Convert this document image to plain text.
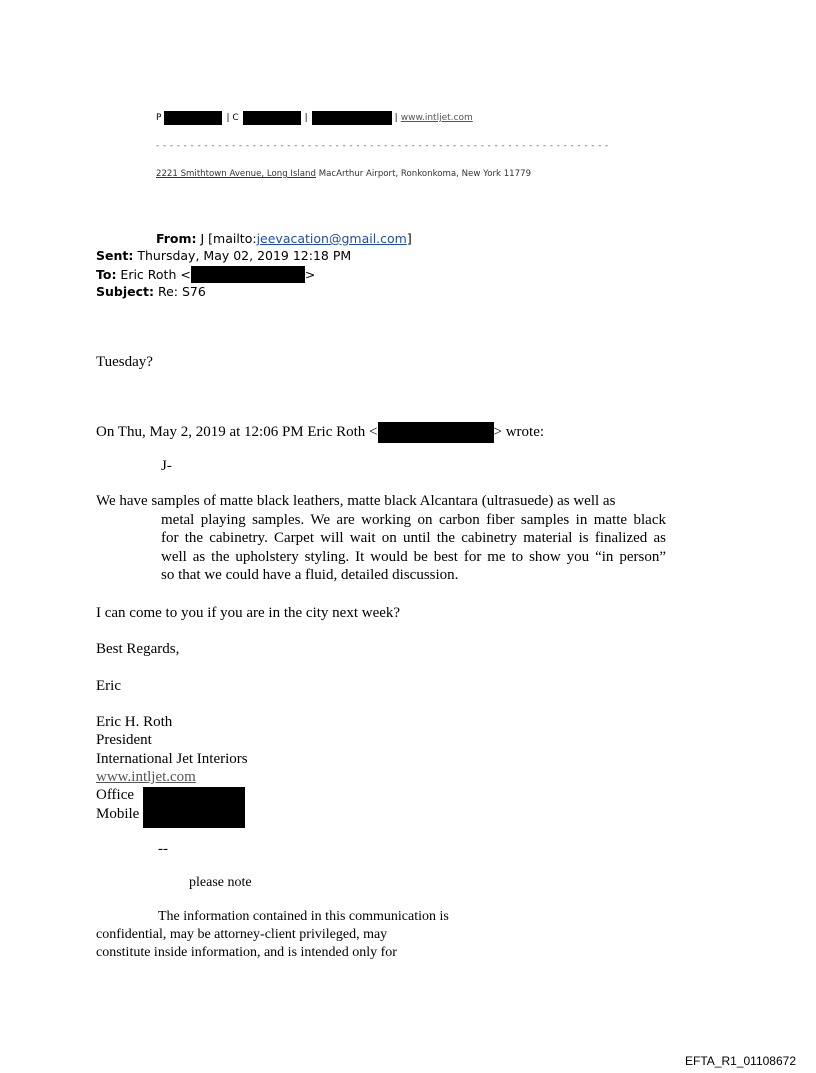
P	| C	|	| www.intljet.com
- - - - - - - - - - - - - - - - - - - - - - - - - - - - - - - - - - - - - - - - - - - - - - - - - - - - - - - - - - - - - - - - - -
2221 Smithtown Avenue, Long Island MacArthur Airport, Ronkonkoma, New York 11779
From: J [mailto:jeevacation@gmail.com]
Sent: Thursday, May 02, 2019 12:18 PM
To: Eric Roth <	>
Subject: Re: S76
Tuesday?
On Thu, May 2, 2019 at 12:06 PM Eric Roth <	> wrote:
J-
We have samples of matte black leathers, matte black Alcantara (ultrasuede) as well as
metal playing samples. We are working on carbon fiber samples in matte black
for the cabinetry. Carpet will wait on until the cabinetry material is finalized as
well as the upholstery styling. It would be best for me to show you “in person”
so that we could have a fluid, detailed discussion.
I can come to you if you are in the city next week?
Best Regards,
Eric
Eric H. Roth
President
International Jet Interiors
www.intljet.com
Office
Mobile
--
please note
The information contained in this communication is
confidential, may be attorney-client privileged, may
constitute inside information, and is intended only for
EFTA_R1_01108672
